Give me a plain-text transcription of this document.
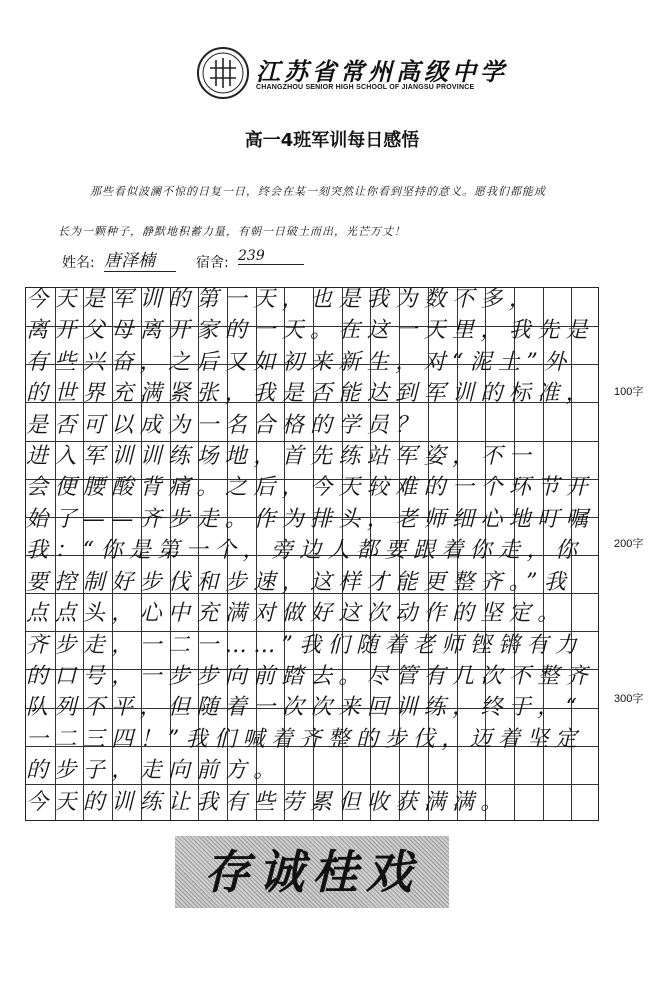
江苏省常州高级中学
CHANGZHOU SENIOR HIGH SCHOOL OF JIANGSU PROVINCE
高一4班军训每日感悟
那些看似波澜不惊的日复一日，终会在某一刻突然让你看到坚持的意义。愿我们都能成
长为一颗种子，静默地积蓄力量，有朝一日破土而出，光芒万丈！
姓名: 唐泽楠	宿舍: 239
今天是军训的第一天，也是我为数不多，
离开父母离开家的一天。在这一天里，我先是
有些兴奋，之后又如初来新生，对“泥土”外
的世界充满紧张，我是否能达到军训的标准，
是否可以成为一名合格的学员？
进入军训训练场地，首先练站军姿，不一
会便腰酸背痛。之后，今天较难的一个环节开
始了——齐步走。作为排头，老师细心地叮嘱
我：“你是第一个，旁边人都要跟着你走，你
要控制好步伐和步速，这样才能更整齐。”我
点点头，心中充满对做好这次动作的坚定。
齐步走，一二一……”我们随着老师铿锵有力
的口号，一步步向前踏去。尽管有几次不整齐
队列不平，但随着一次次来回训练，终于，“
一二三四！”我们喊着齐整的步伐，迈着坚定
的步子，走向前方。
今天的训练让我有些劳累但收获满满。
100字
200字
300字
存诚桂戏
